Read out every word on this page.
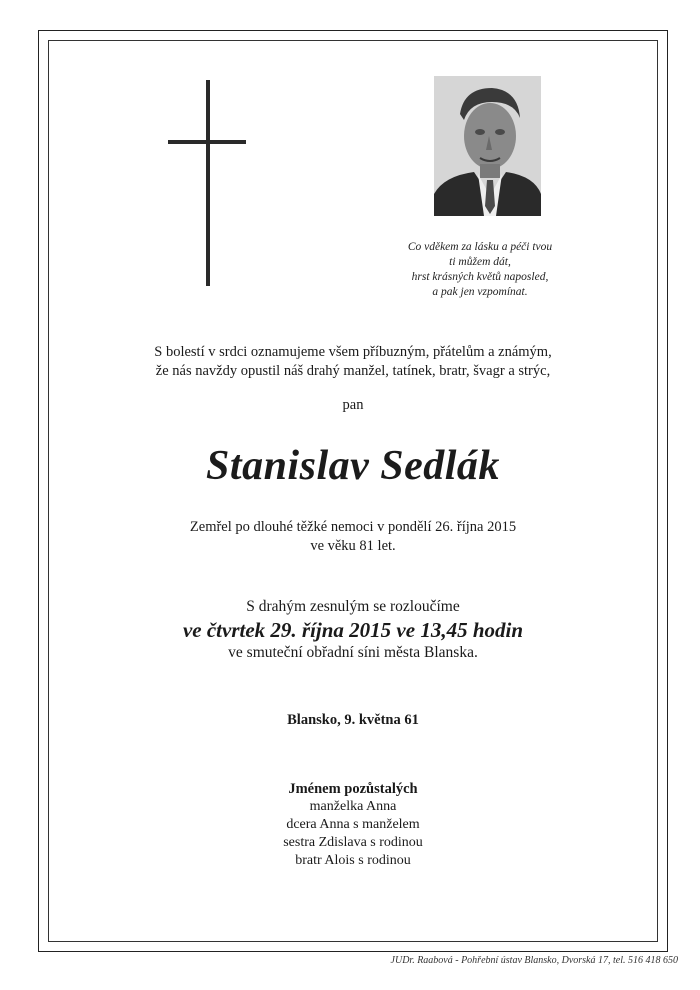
Co vděkem za lásku a péči tvou
ti můžem dát,
hrst krásných květů naposled,
a pak jen vzpomínat.
S bolestí v srdci oznamujeme všem příbuzným, přátelům a známým,
že nás navždy opustil náš drahý manžel, tatínek, bratr, švagr a strýc,
pan
Stanislav Sedlák
Zemřel po dlouhé těžké nemoci v pondělí 26. října 2015
ve věku 81 let.
S drahým zesnulým se rozloučíme
ve čtvrtek 29. října 2015 ve 13,45 hodin
ve smuteční obřadní síni města Blanska.
Blansko, 9. května 61
Jménem pozůstalých
manželka Anna
dcera Anna s manželem
sestra Zdislava s rodinou
bratr Alois s rodinou
JUDr. Raabová - Pohřební ústav Blansko, Dvorská 17, tel. 516 418 650
